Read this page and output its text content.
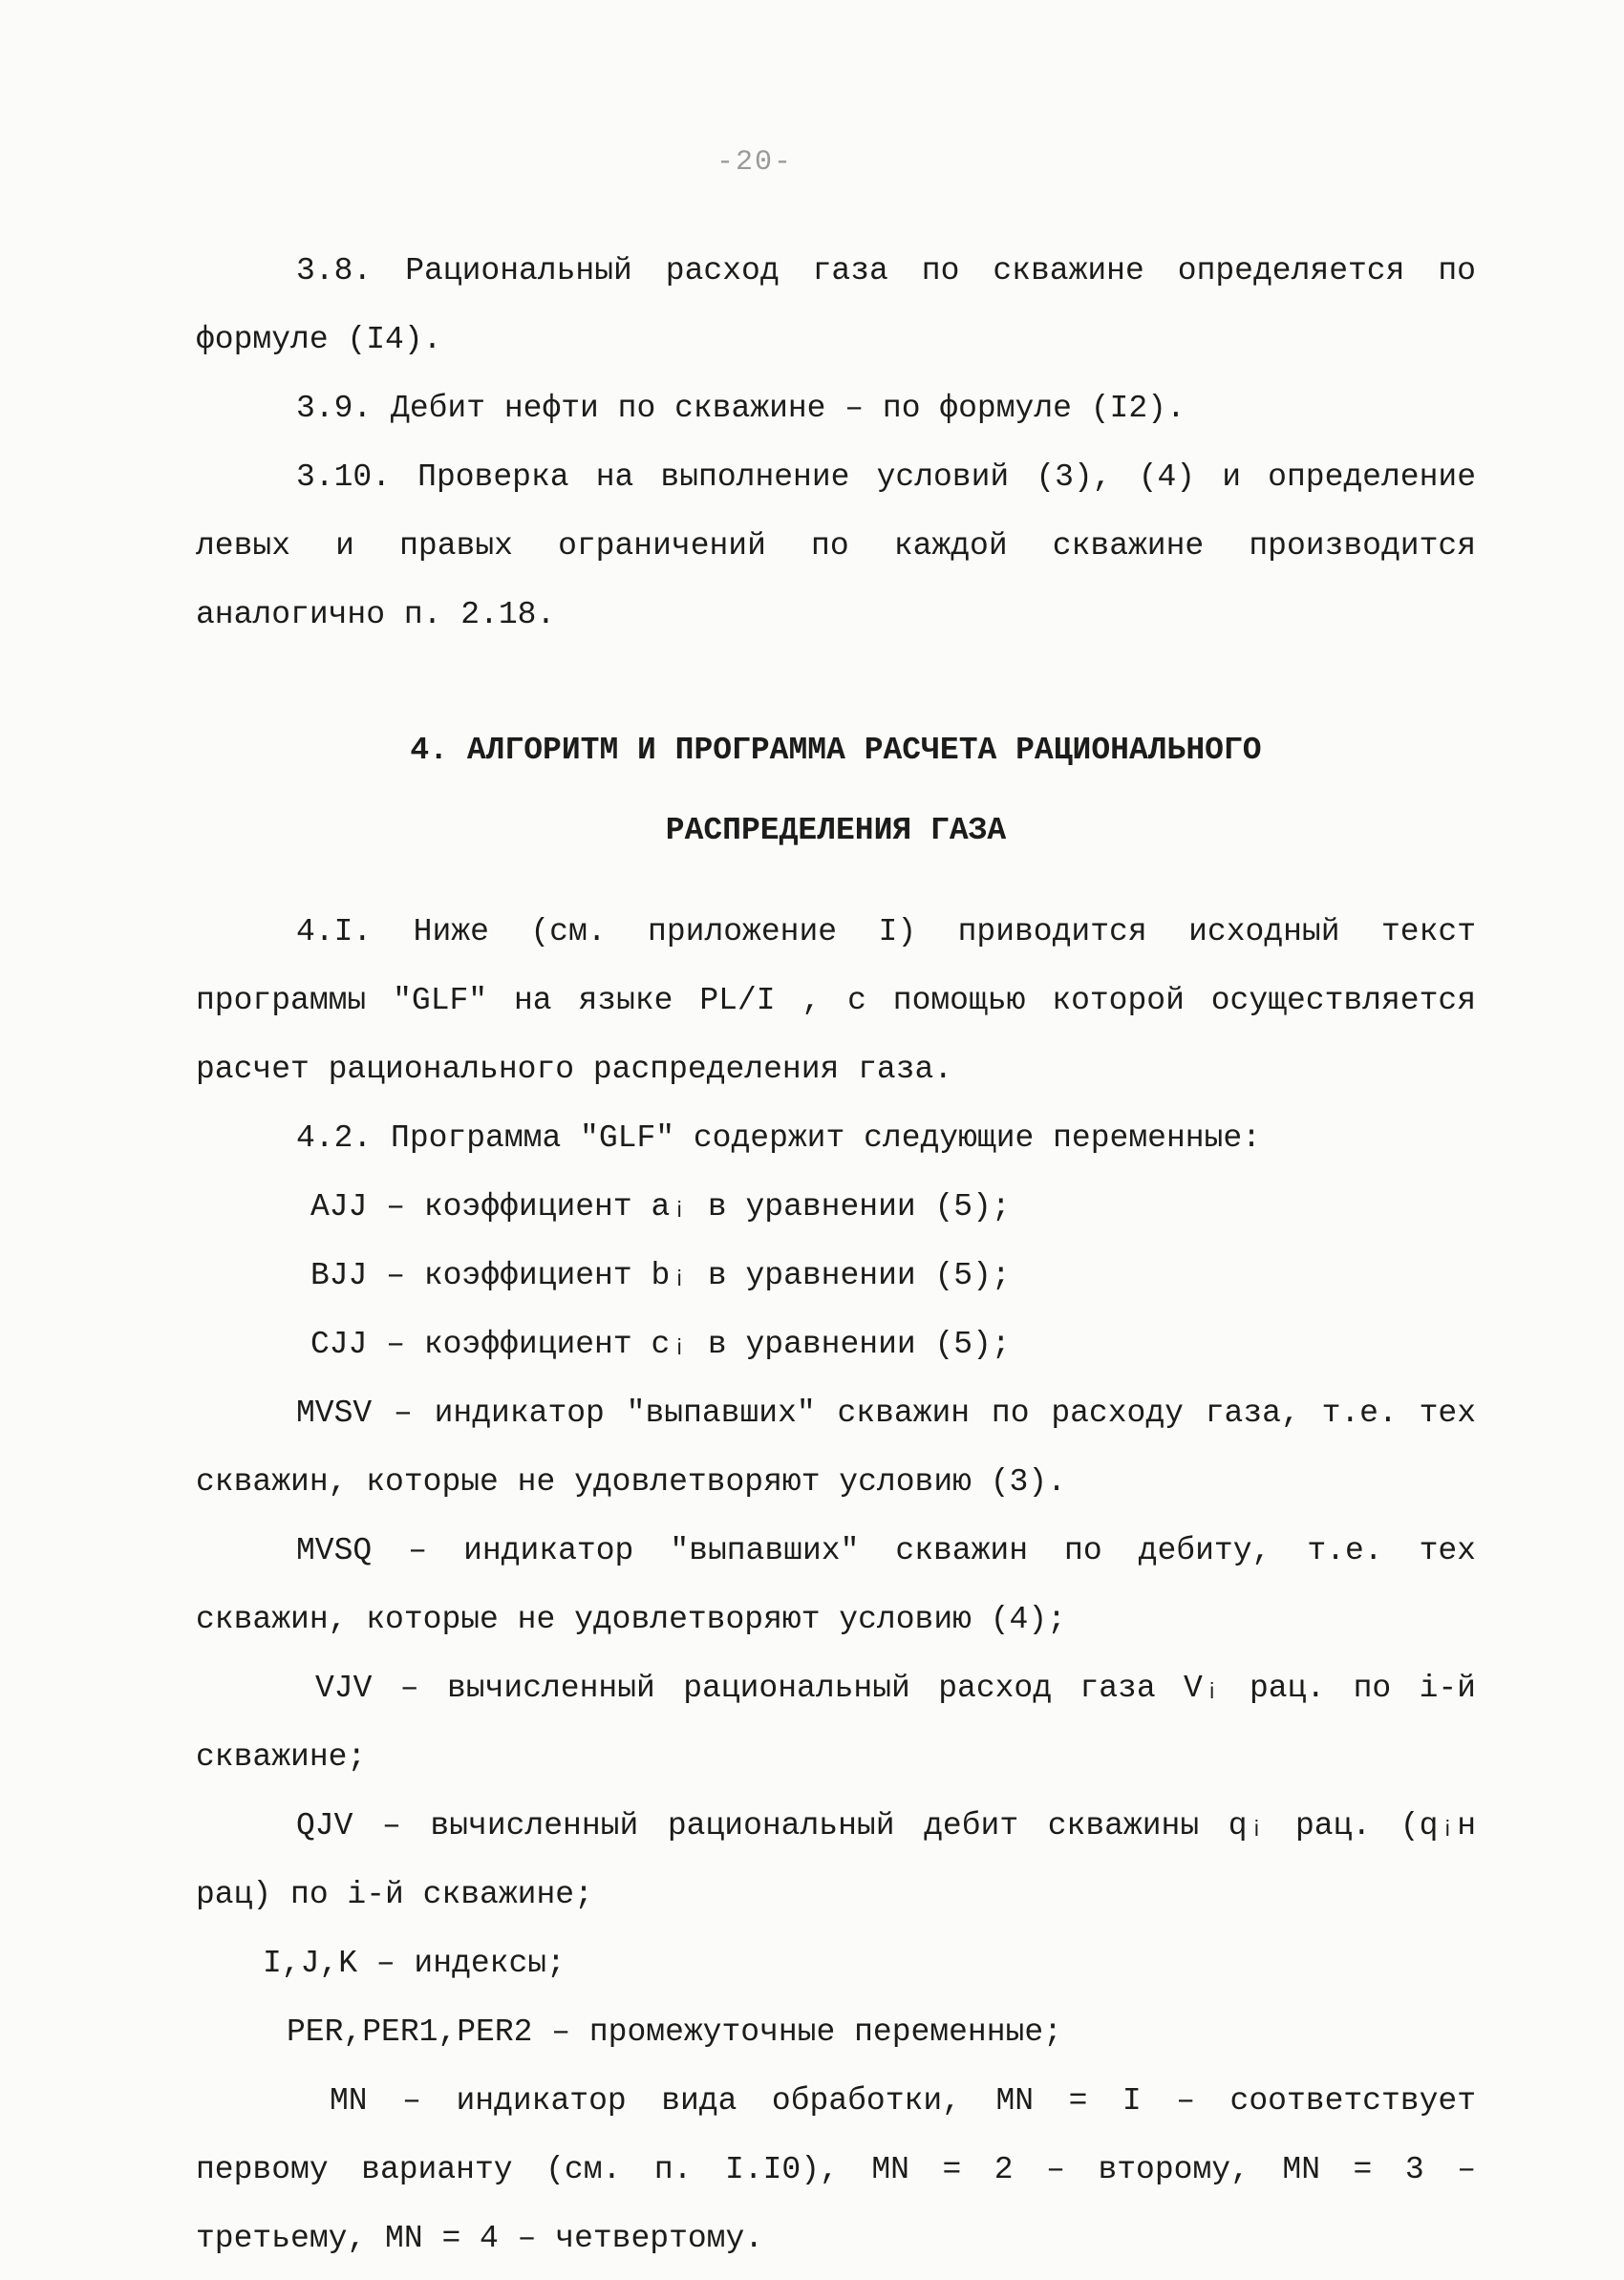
-20-

3.8. Рациональный расход газа по скважине определяется по формуле (I4).

3.9. Дебит нефти по скважине – по формуле (I2).

3.10. Проверка на выполнение условий (3), (4) и определение левых и правых ограничений по каждой скважине производится аналогично п. 2.18.

4. АЛГОРИТМ И ПРОГРАММА РАСЧЕТА РАЦИОНАЛЬНОГО

РАСПРЕДЕЛЕНИЯ ГАЗА

4.I. Ниже (см. приложение I) приводится исходный текст программы "GLF" на языке PL/I , с помощью которой осуществляется расчет рационального распределения газа.

4.2. Программа "GLF" содержит следующие переменные:

AJJ – коэффициент aᵢ в уравнении (5);

BJJ – коэффициент bᵢ в уравнении (5);

CJJ – коэффициент cᵢ в уравнении (5);

MVSV – индикатор "выпавших" скважин по расходу газа, т.е. тех скважин, которые не удовлетворяют условию (3).

MVSQ – индикатор "выпавших" скважин по дебиту, т.е. тех скважин, которые не удовлетворяют условию (4);

VJV – вычисленный рациональный расход газа Vᵢ рац. по i-й скважине;

QJV – вычисленный рациональный дебит скважины qᵢ рац. (qᵢн рац) по i-й скважине;

I,J,K – индексы;

PER,PER1,PER2 – промежуточные переменные;

MN – индикатор вида обработки, MN = I – соответствует первому варианту (см. п. I.I0), MN = 2 – второму, MN = 3 – третьему, MN = 4 – четвертому.
